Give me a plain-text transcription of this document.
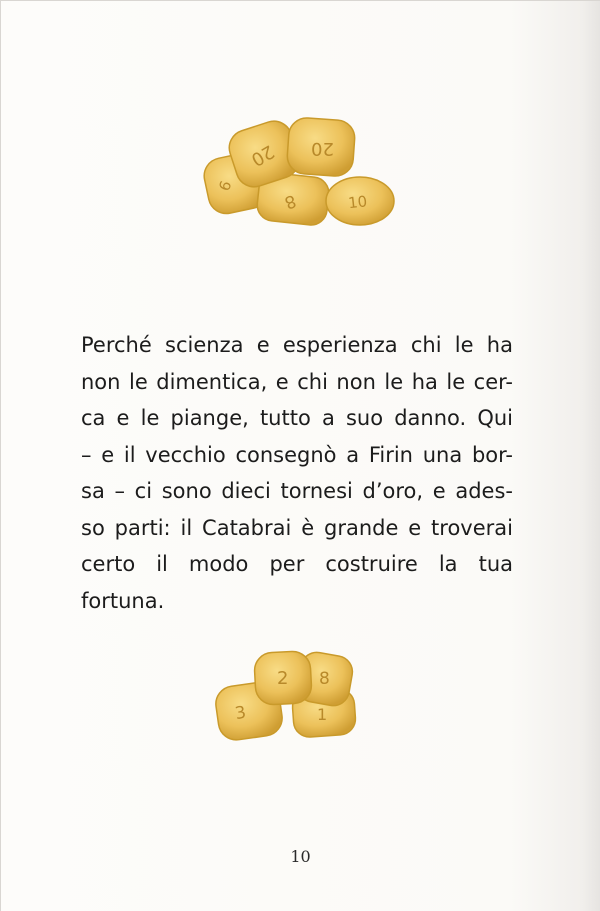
6
8
20 20
10
Perché scienza e esperienza chi le ha
non le dimentica, e chi non le ha le cer-
ca e le piange, tutto a suo danno. Qui
– e il vecchio consegnò a Firin una bor-
sa – ci sono dieci tornesi d’oro, e ades-
so parti: il Catabrai è grande e troverai
certo il modo per costruire la tua
fortuna.
1
3
8
2
10
